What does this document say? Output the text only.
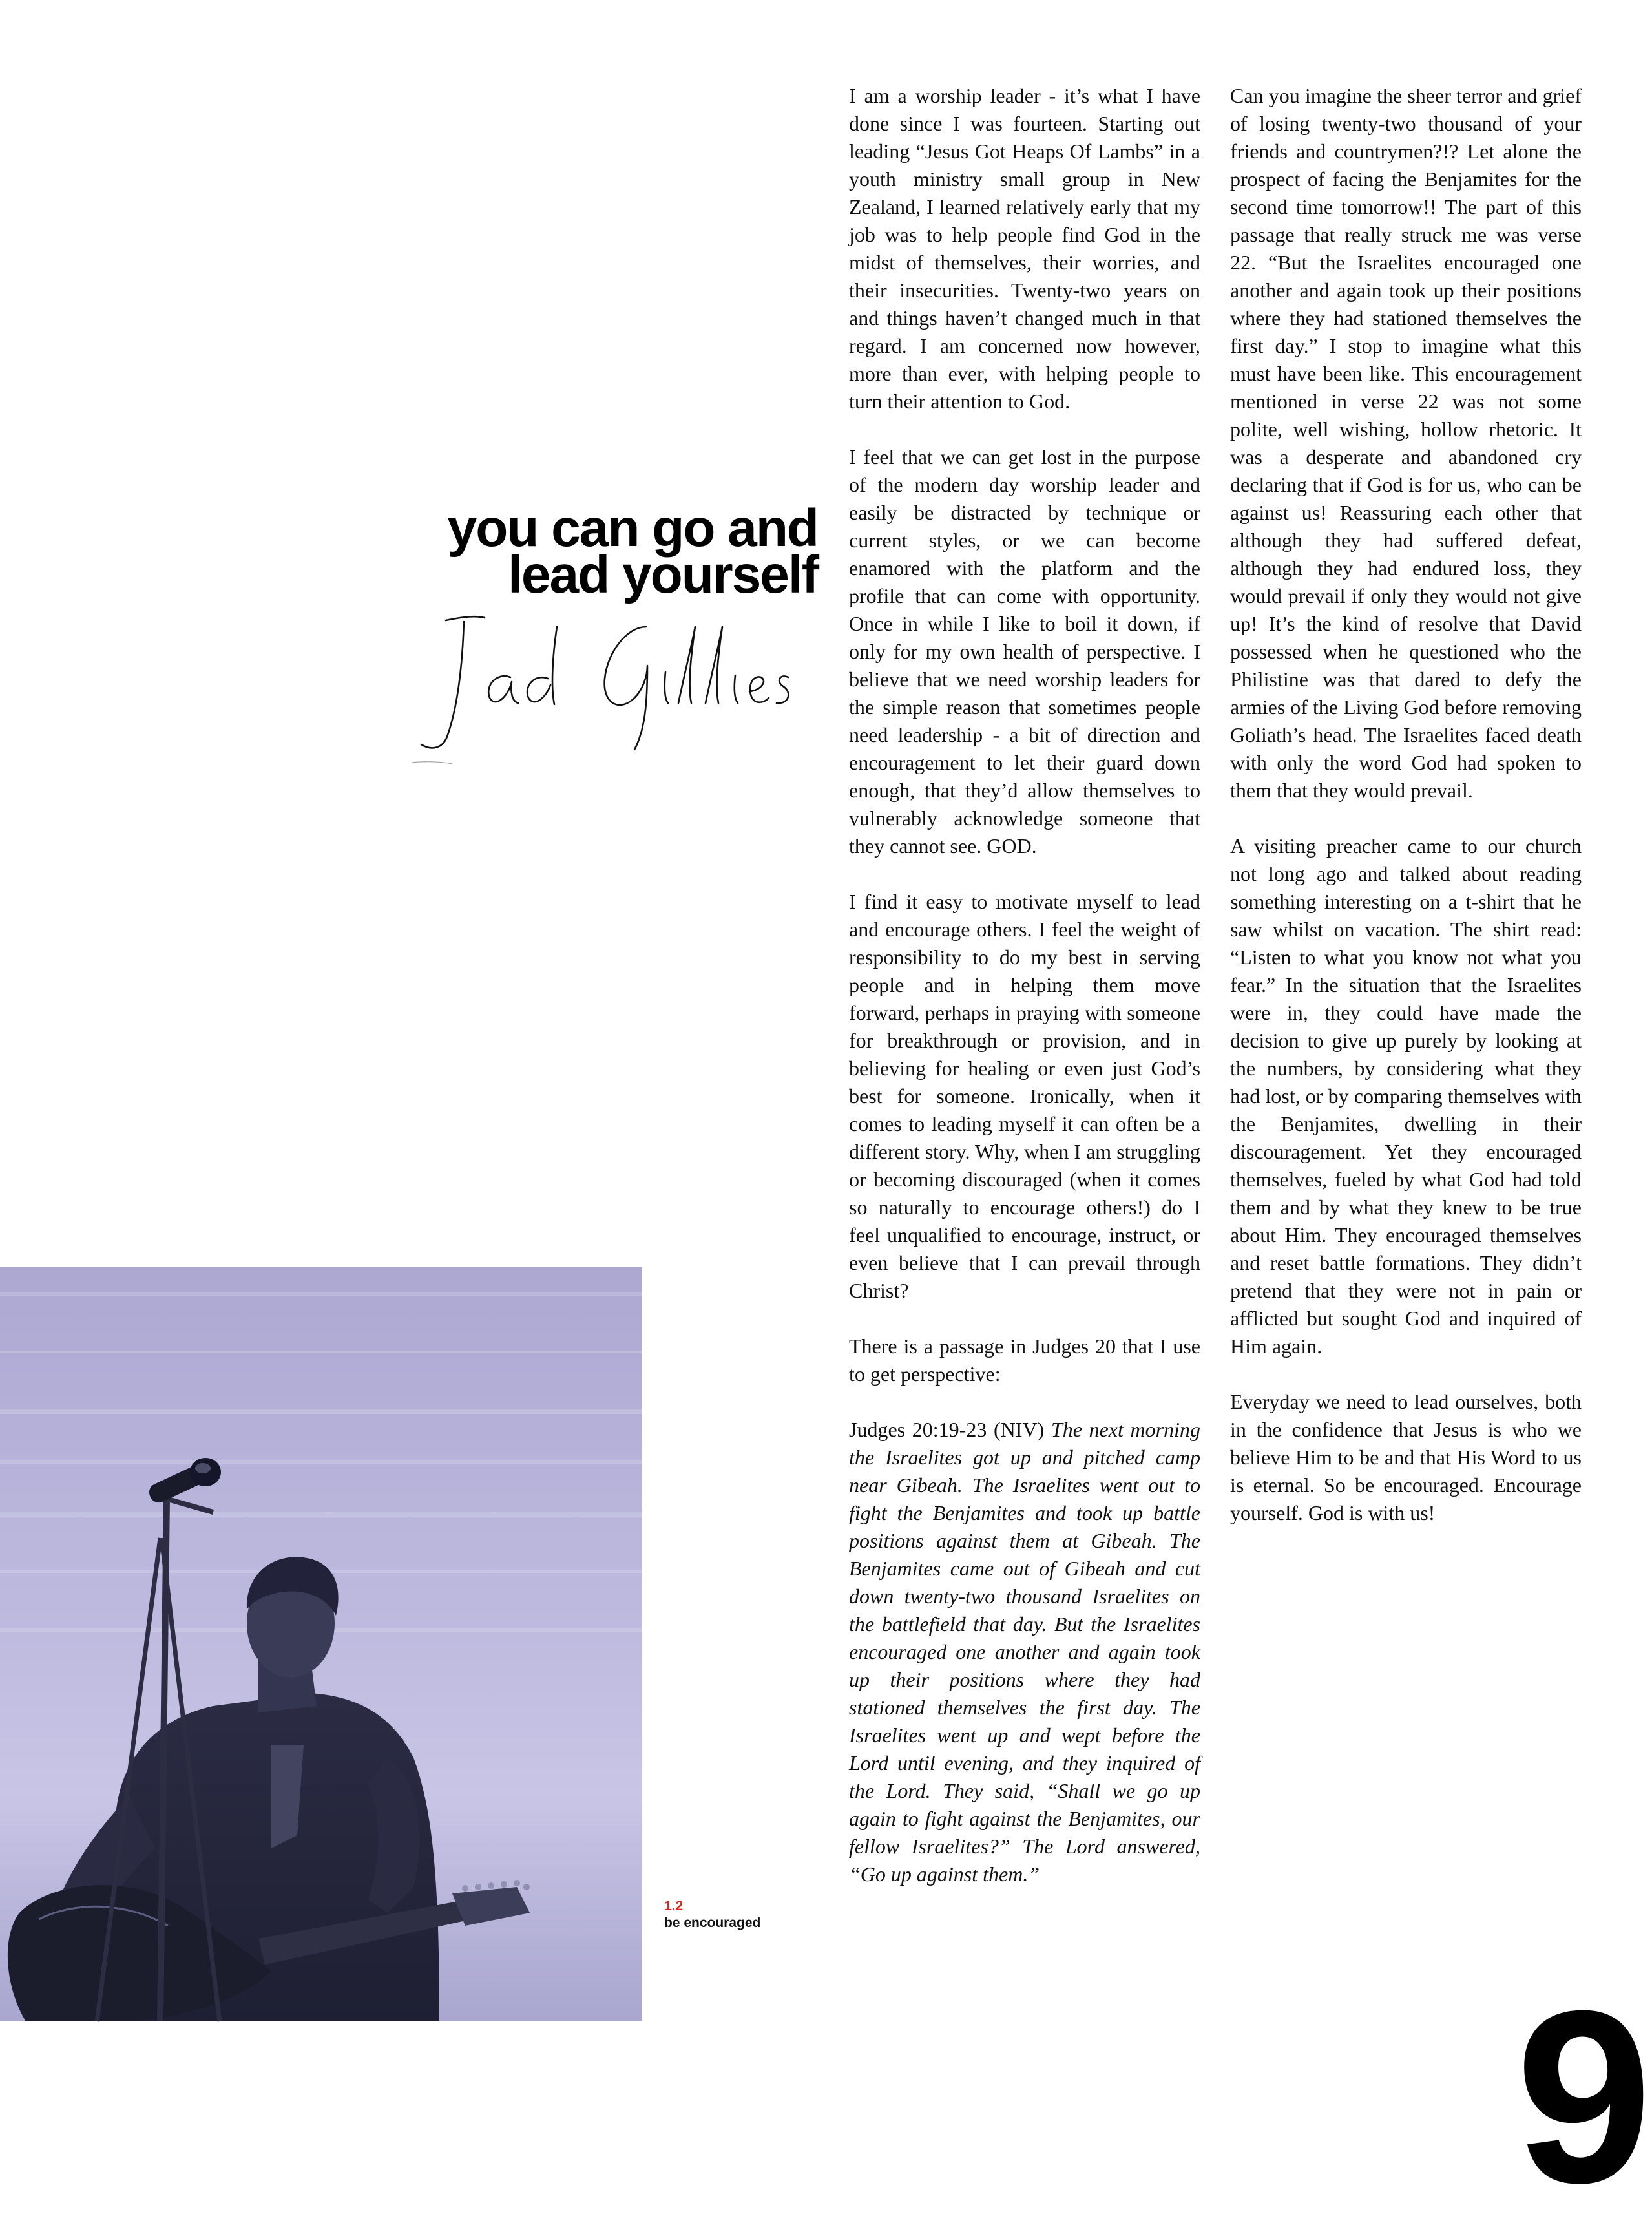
you can go and
lead yourself
1.2
be encouraged

I am a worship leader - it’s what I have done since I was fourteen. Starting out leading “Jesus Got Heaps Of Lambs” in a youth ministry small group in New Zealand, I learned relatively early that my job was to help people find God in the midst of themselves, their worries, and their insecurities. Twenty-two years on and things haven’t changed much in that regard. I am concerned now however, more than ever, with helping people to turn their attention to God.

I feel that we can get lost in the purpose of the modern day worship leader and easily be distracted by technique or current styles, or we can become enamored with the platform and the profile that can come with opportunity. Once in while I like to boil it down, if only for my own health of perspective. I believe that we need worship leaders for the simple reason that sometimes people need leadership - a bit of direction and encouragement to let their guard down enough, that they’d allow themselves to vulnerably acknowledge someone that they cannot see. GOD.

I find it easy to motivate myself to lead and encourage others. I feel the weight of responsibility to do my best in serving people and in helping them move forward, perhaps in praying with someone for breakthrough or provision, and in believing for healing or even just God’s best for someone. Ironically, when it comes to leading myself it can often be a different story. Why, when I am struggling or becoming discouraged (when it comes so naturally to encourage others!) do I feel unqualified to encourage, instruct, or even believe that I can prevail through Christ?

There is a passage in Judges 20 that I use to get perspective:

Judges 20:19-23 (NIV) The next morning the Israelites got up and pitched camp near Gibeah. The Israelites went out to fight the Benjamites and took up battle positions against them at Gibeah. The Benjamites came out of Gibeah and cut down twenty-two thousand Israelites on the battlefield that day. But the Israelites encouraged one another and again took up their positions where they had stationed themselves the first day. The Israelites went up and wept before the Lord until evening, and they inquired of the Lord. They said, “Shall we go up again to fight against the Benjamites, our fellow Israelites?” The Lord answered, “Go up against them.”

Can you imagine the sheer terror and grief of losing twenty-two thousand of your friends and countrymen?!? Let alone the prospect of facing the Benjamites for the second time tomorrow!! The part of this passage that really struck me was verse 22. “But the Israelites encouraged one another and again took up their positions where they had stationed themselves the first day.” I stop to imagine what this must have been like. This encouragement mentioned in verse 22 was not some polite, well wishing, hollow rhetoric. It was a desperate and abandoned cry declaring that if God is for us, who can be against us! Reassuring each other that although they had suffered defeat, although they had endured loss, they would prevail if only they would not give up! It’s the kind of resolve that David possessed when he questioned who the Philistine was that dared to defy the armies of the Living God before removing Goliath’s head. The Israelites faced death with only the word God had spoken to them that they would prevail.

A visiting preacher came to our church not long ago and talked about reading something interesting on a t-shirt that he saw whilst on vacation. The shirt read: “Listen to what you know not what you fear.” In the situation that the Israelites were in, they could have made the decision to give up purely by looking at the numbers, by considering what they had lost, or by comparing themselves with the Benjamites, dwelling in their discouragement. Yet they encouraged themselves, fueled by what God had told them and by what they knew to be true about Him. They encouraged themselves and reset battle formations. They didn’t pretend that they were not in pain or afflicted but sought God and inquired of Him again.

Everyday we need to lead ourselves, both in the confidence that Jesus is who we believe Him to be and that His Word to us is eternal. So be encouraged. Encourage yourself. God is with us!

9
